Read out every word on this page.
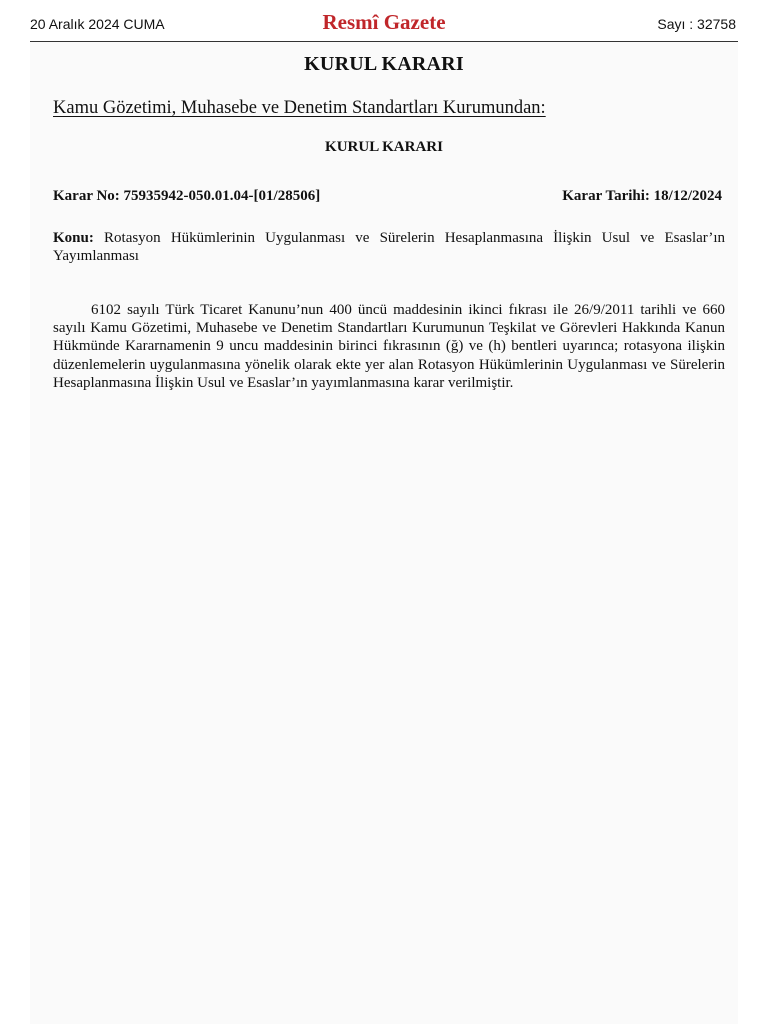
20 Aralık 2024 CUMA	Resmî Gazete	Sayı : 32758
KURUL KARARI
Kamu Gözetimi, Muhasebe ve Denetim Standartları Kurumundan:
KURUL KARARI
Karar No: 75935942-050.01.04-[01/28506]	Karar Tarihi: 18/12/2024
Konu: Rotasyon Hükümlerinin Uygulanması ve Sürelerin Hesaplanmasına İlişkin Usul ve Esaslar’ın Yayımlanması
6102 sayılı Türk Ticaret Kanunu’nun 400 üncü maddesinin ikinci fıkrası ile 26/9/2011 tarihli ve 660 sayılı Kamu Gözetimi, Muhasebe ve Denetim Standartları Kurumunun Teşkilat ve Görevleri Hakkında Kanun Hükmünde Kararnamenin 9 uncu maddesinin birinci fıkrasının (ğ) ve (h) bentleri uyarınca; rotasyona ilişkin düzenlemelerin uygulanmasına yönelik olarak ekte yer alan Rotasyon Hükümlerinin Uygulanması ve Sürelerin Hesaplanmasına İlişkin Usul ve Esaslar’ın yayımlanmasına karar verilmiştir.
